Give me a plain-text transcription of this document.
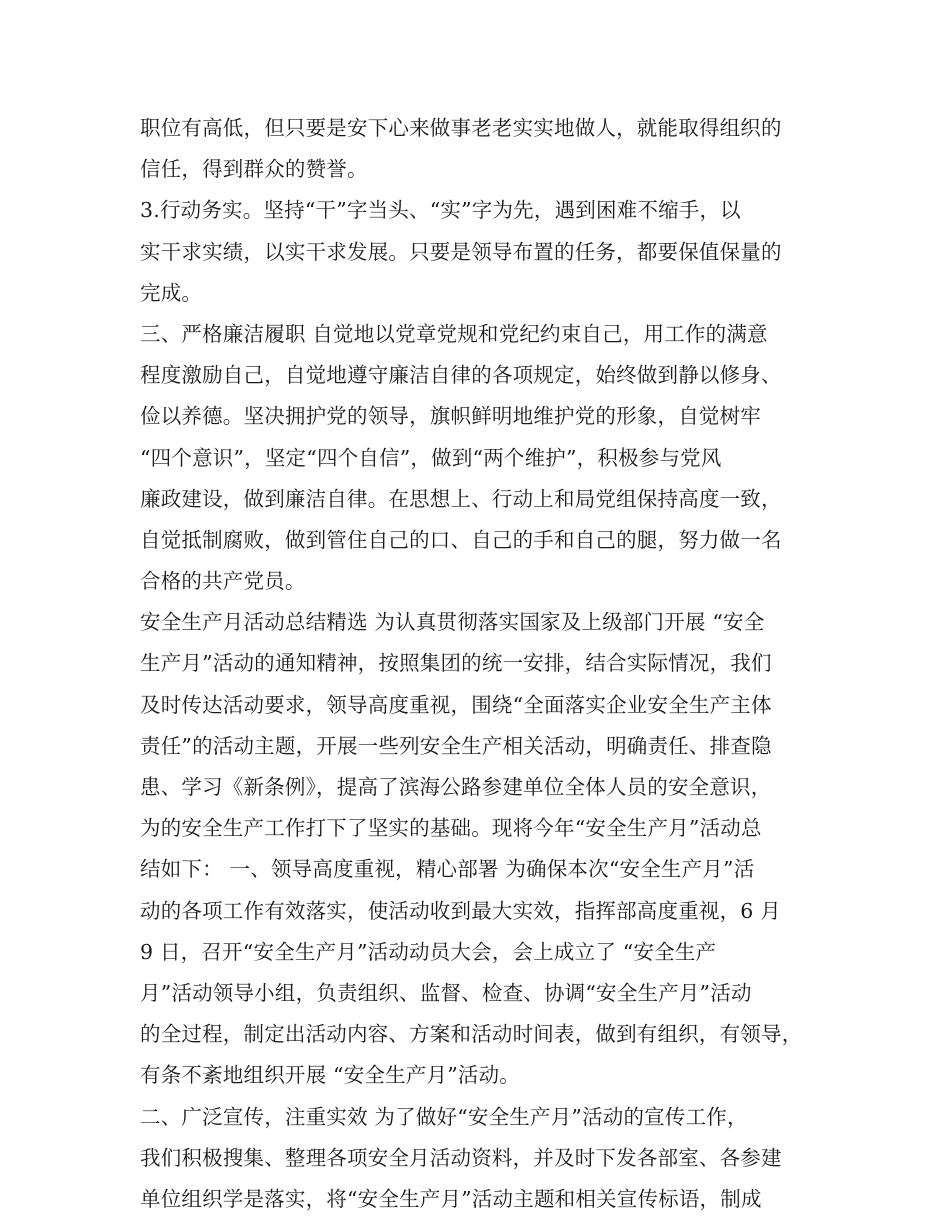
职位有高低，但只要是安下心来做事老老实实地做人，就能取得组织的
信任，得到群众的赞誉。
3.行动务实。坚持“干”字当头、“实”字为先，遇到困难不缩手，以
实干求实绩，以实干求发展。只要是领导布置的任务，都要保值保量的
完成。
三、严格廉洁履职 自觉地以党章党规和党纪约束自己，用工作的满意
程度激励自己，自觉地遵守廉洁自律的各项规定，始终做到静以修身、
俭以养德。坚决拥护党的领导，旗帜鲜明地维护党的形象，自觉树牢
“四个意识”，坚定“四个自信”，做到“两个维护”，积极参与党风
廉政建设，做到廉洁自律。在思想上、行动上和局党组保持高度一致，
自觉抵制腐败，做到管住自己的口、自己的手和自己的腿，努力做一名
合格的共产党员。
安全生产月活动总结精选 为认真贯彻落实国家及上级部门开展 “安全
生产月”活动的通知精神，按照集团的统一安排，结合实际情况，我们
及时传达活动要求，领导高度重视，围绕“全面落实企业安全生产主体
责任”的活动主题，开展一些列安全生产相关活动，明确责任、排查隐
患、学习《新条例》，提高了滨海公路参建单位全体人员的安全意识，
为的安全生产工作打下了坚实的基础。现将今年“安全生产月”活动总
结如下： 一、领导高度重视，精心部署 为确保本次“安全生产月”活
动的各项工作有效落实，使活动收到最大实效，指挥部高度重视，6 月
9 日，召开“安全生产月”活动动员大会，会上成立了 “安全生产
月”活动领导小组，负责组织、监督、检查、协调“安全生产月”活动
的全过程，制定出活动内容、方案和活动时间表，做到有组织，有领导，
有条不紊地组织开展 “安全生产月”活动。
二、广泛宣传，注重实效 为了做好“安全生产月”活动的宣传工作，
我们积极搜集、整理各项安全月活动资料，并及时下发各部室、各参建
单位组织学是落实，将“安全生产月”活动主题和相关宣传标语，制成
